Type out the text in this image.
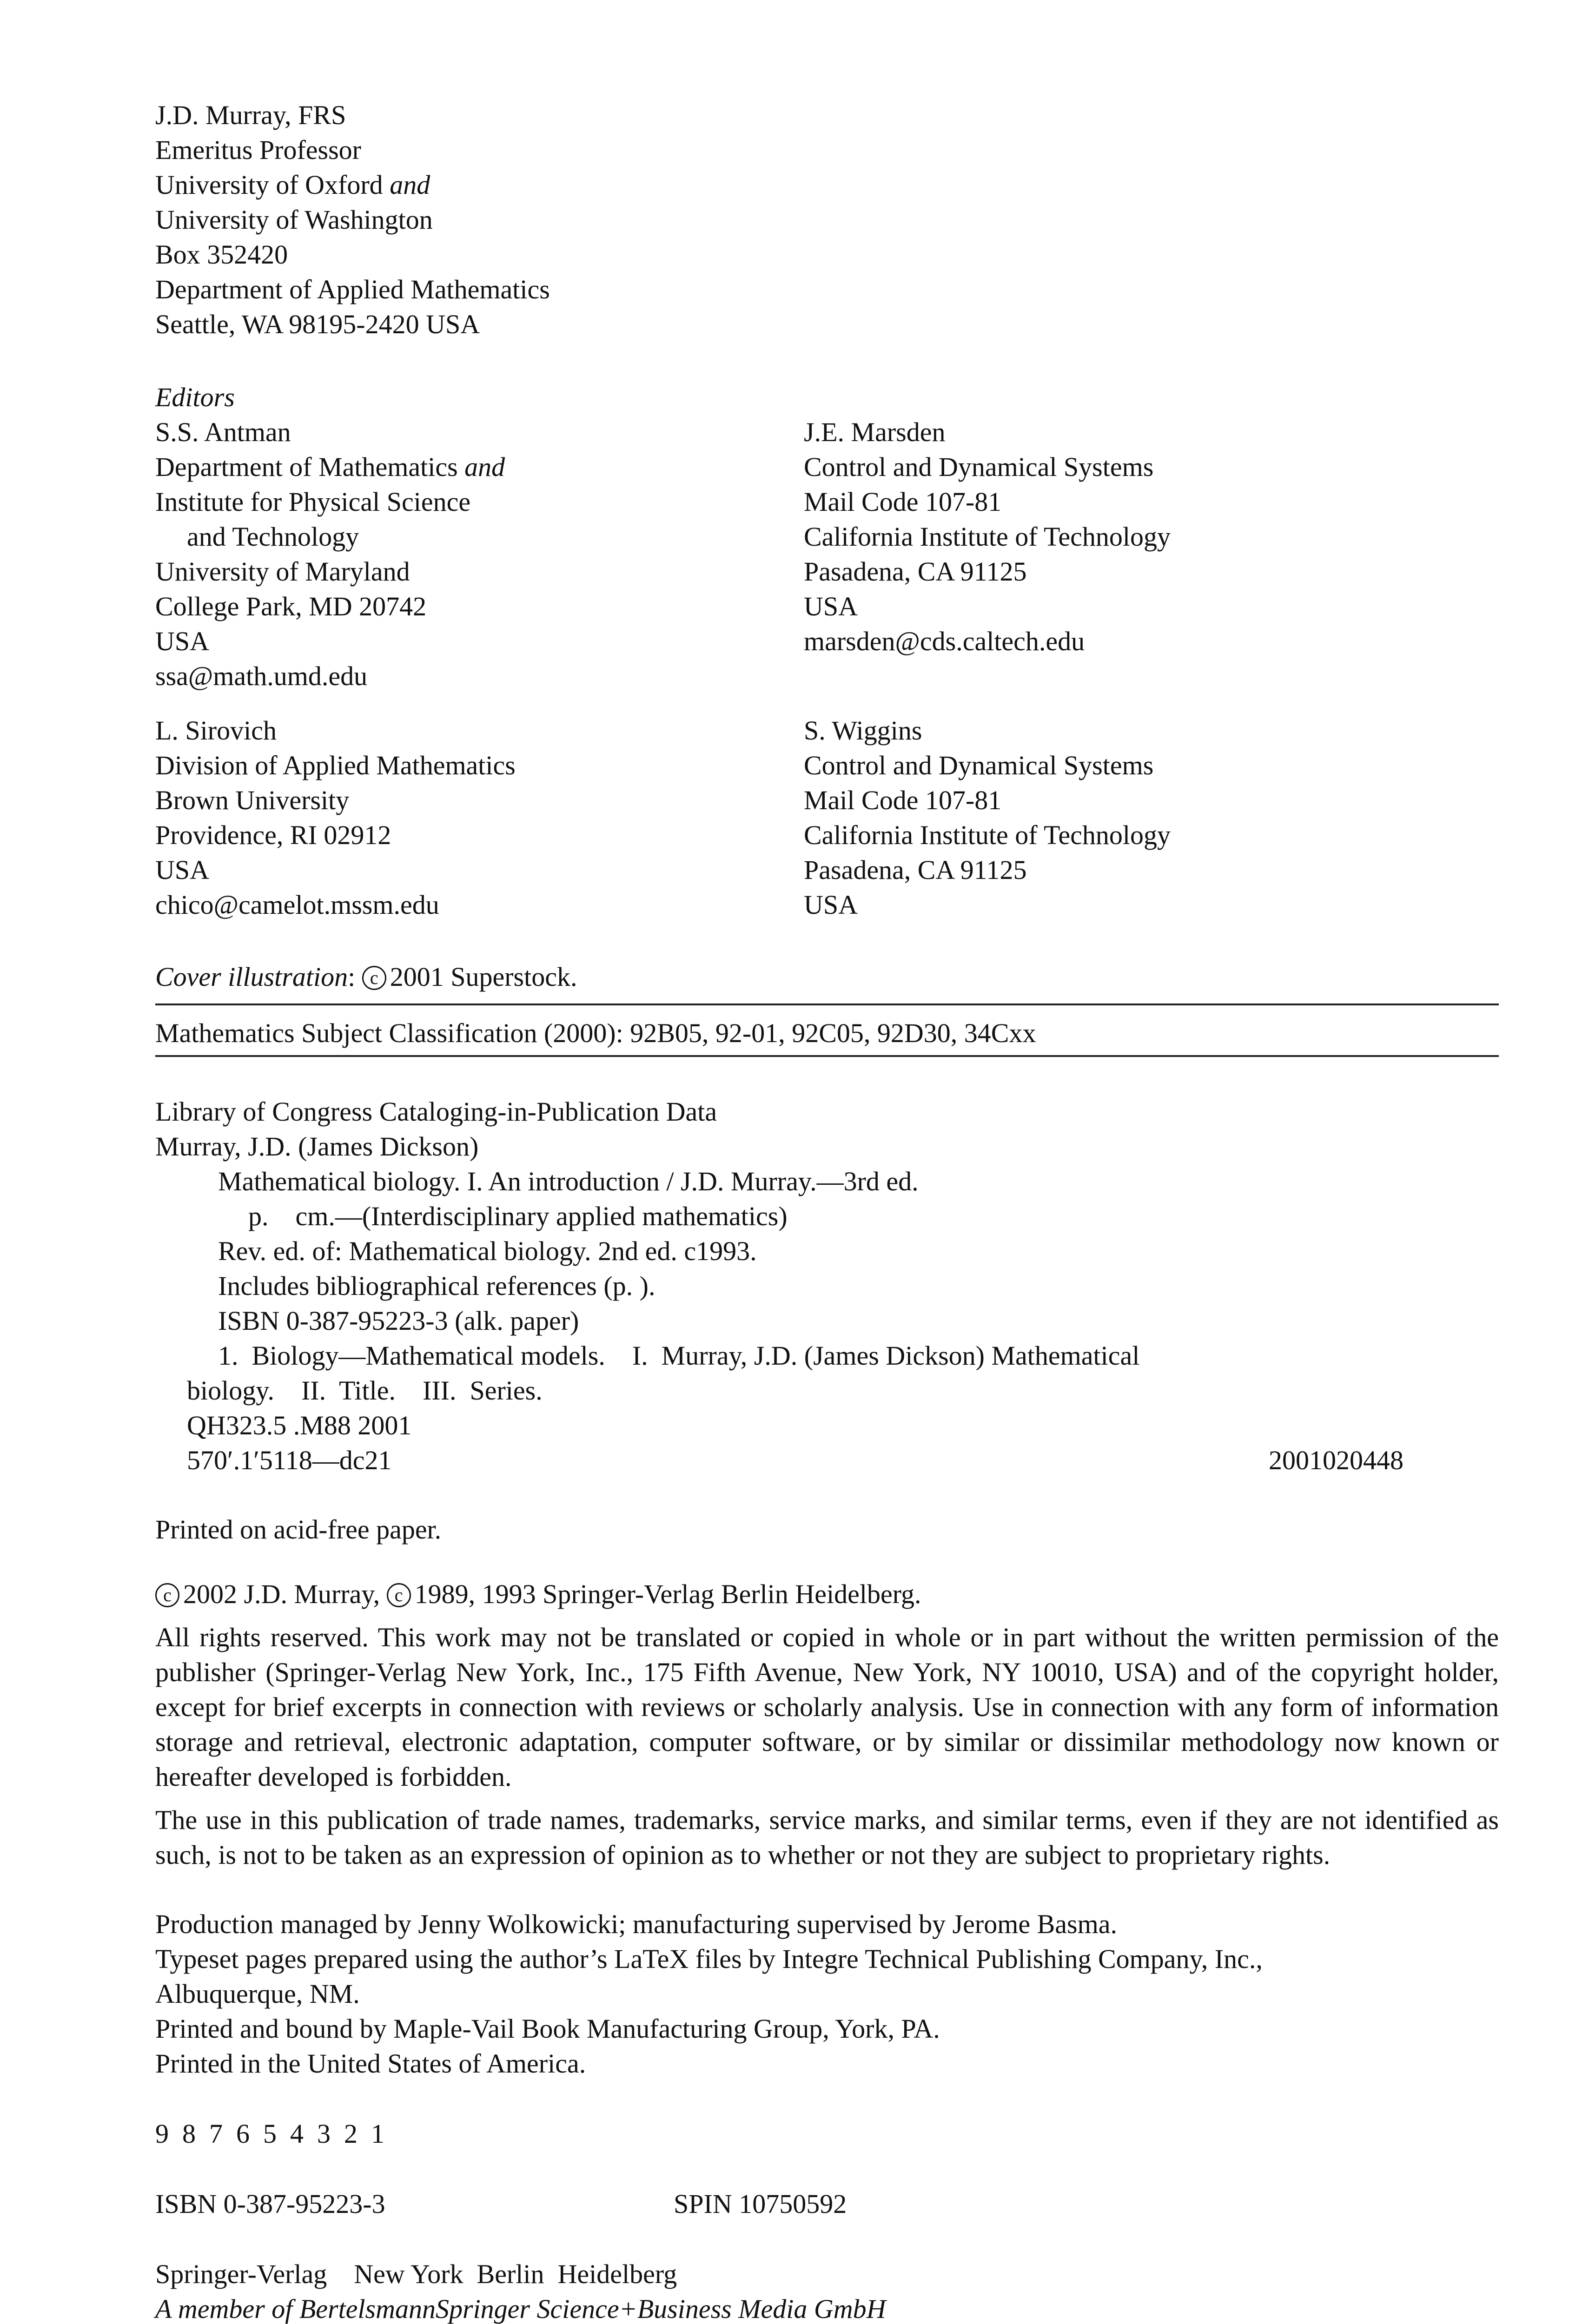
J.D. Murray, FRS
Emeritus Professor
University of Oxford and
University of Washington
Box 352420
Department of Applied Mathematics
Seattle, WA 98195-2420 USA
Editors
S.S. Antman
Department of Mathematics and
Institute for Physical Science
and Technology
University of Maryland
College Park, MD 20742
USA
ssa@math.umd.edu
J.E. Marsden
Control and Dynamical Systems
Mail Code 107-81
California Institute of Technology
Pasadena, CA 91125
USA
marsden@cds.caltech.edu
L. Sirovich
Division of Applied Mathematics
Brown University
Providence, RI 02912
USA
chico@camelot.mssm.edu
S. Wiggins
Control and Dynamical Systems
Mail Code 107-81
California Institute of Technology
Pasadena, CA 91125
USA
Cover illustration: c 2001 Superstock.
Mathematics Subject Classification (2000): 92B05, 92-01, 92C05, 92D30, 34Cxx
Library of Congress Cataloging-in-Publication Data
Murray, J.D. (James Dickson)
Mathematical biology. I. An introduction / J.D. Murray.—3rd ed.
p.    cm.—(Interdisciplinary applied mathematics)
Rev. ed. of: Mathematical biology. 2nd ed. c1993.
Includes bibliographical references (p. ).
ISBN 0-387-95223-3 (alk. paper)
1.  Biology—Mathematical models.    I.  Murray, J.D. (James Dickson) Mathematical
biology.    II.  Title.    III.  Series.
QH323.5 .M88 2001
570′.1′5118—dc21	2001020448
Printed on acid-free paper.
c 2002 J.D. Murray, c 1989, 1993 Springer-Verlag Berlin Heidelberg.
All rights reserved. This work may not be translated or copied in whole or in part without the written permission of the publisher (Springer-Verlag New York, Inc., 175 Fifth Avenue, New York, NY 10010, USA) and of the copyright holder, except for brief excerpts in connection with reviews or scholarly analysis. Use in connection with any form of information storage and retrieval, electronic adaptation, computer software, or by similar or dissimilar methodology now known or hereafter developed is forbidden.
The use in this publication of trade names, trademarks, service marks, and similar terms, even if they are not identified as such, is not to be taken as an expression of opinion as to whether or not they are subject to proprietary rights.
Production managed by Jenny Wolkowicki; manufacturing supervised by Jerome Basma.
Typeset pages prepared using the author’s LaTeX files by Integre Technical Publishing Company, Inc.,
Albuquerque, NM.
Printed and bound by Maple-Vail Book Manufacturing Group, York, PA.
Printed in the United States of America.
9  8  7  6  5  4  3  2  1
ISBN 0-387-95223-3	SPIN 10750592
Springer-Verlag    New York  Berlin  Heidelberg
A member of BertelsmannSpringer Science+Business Media GmbH
